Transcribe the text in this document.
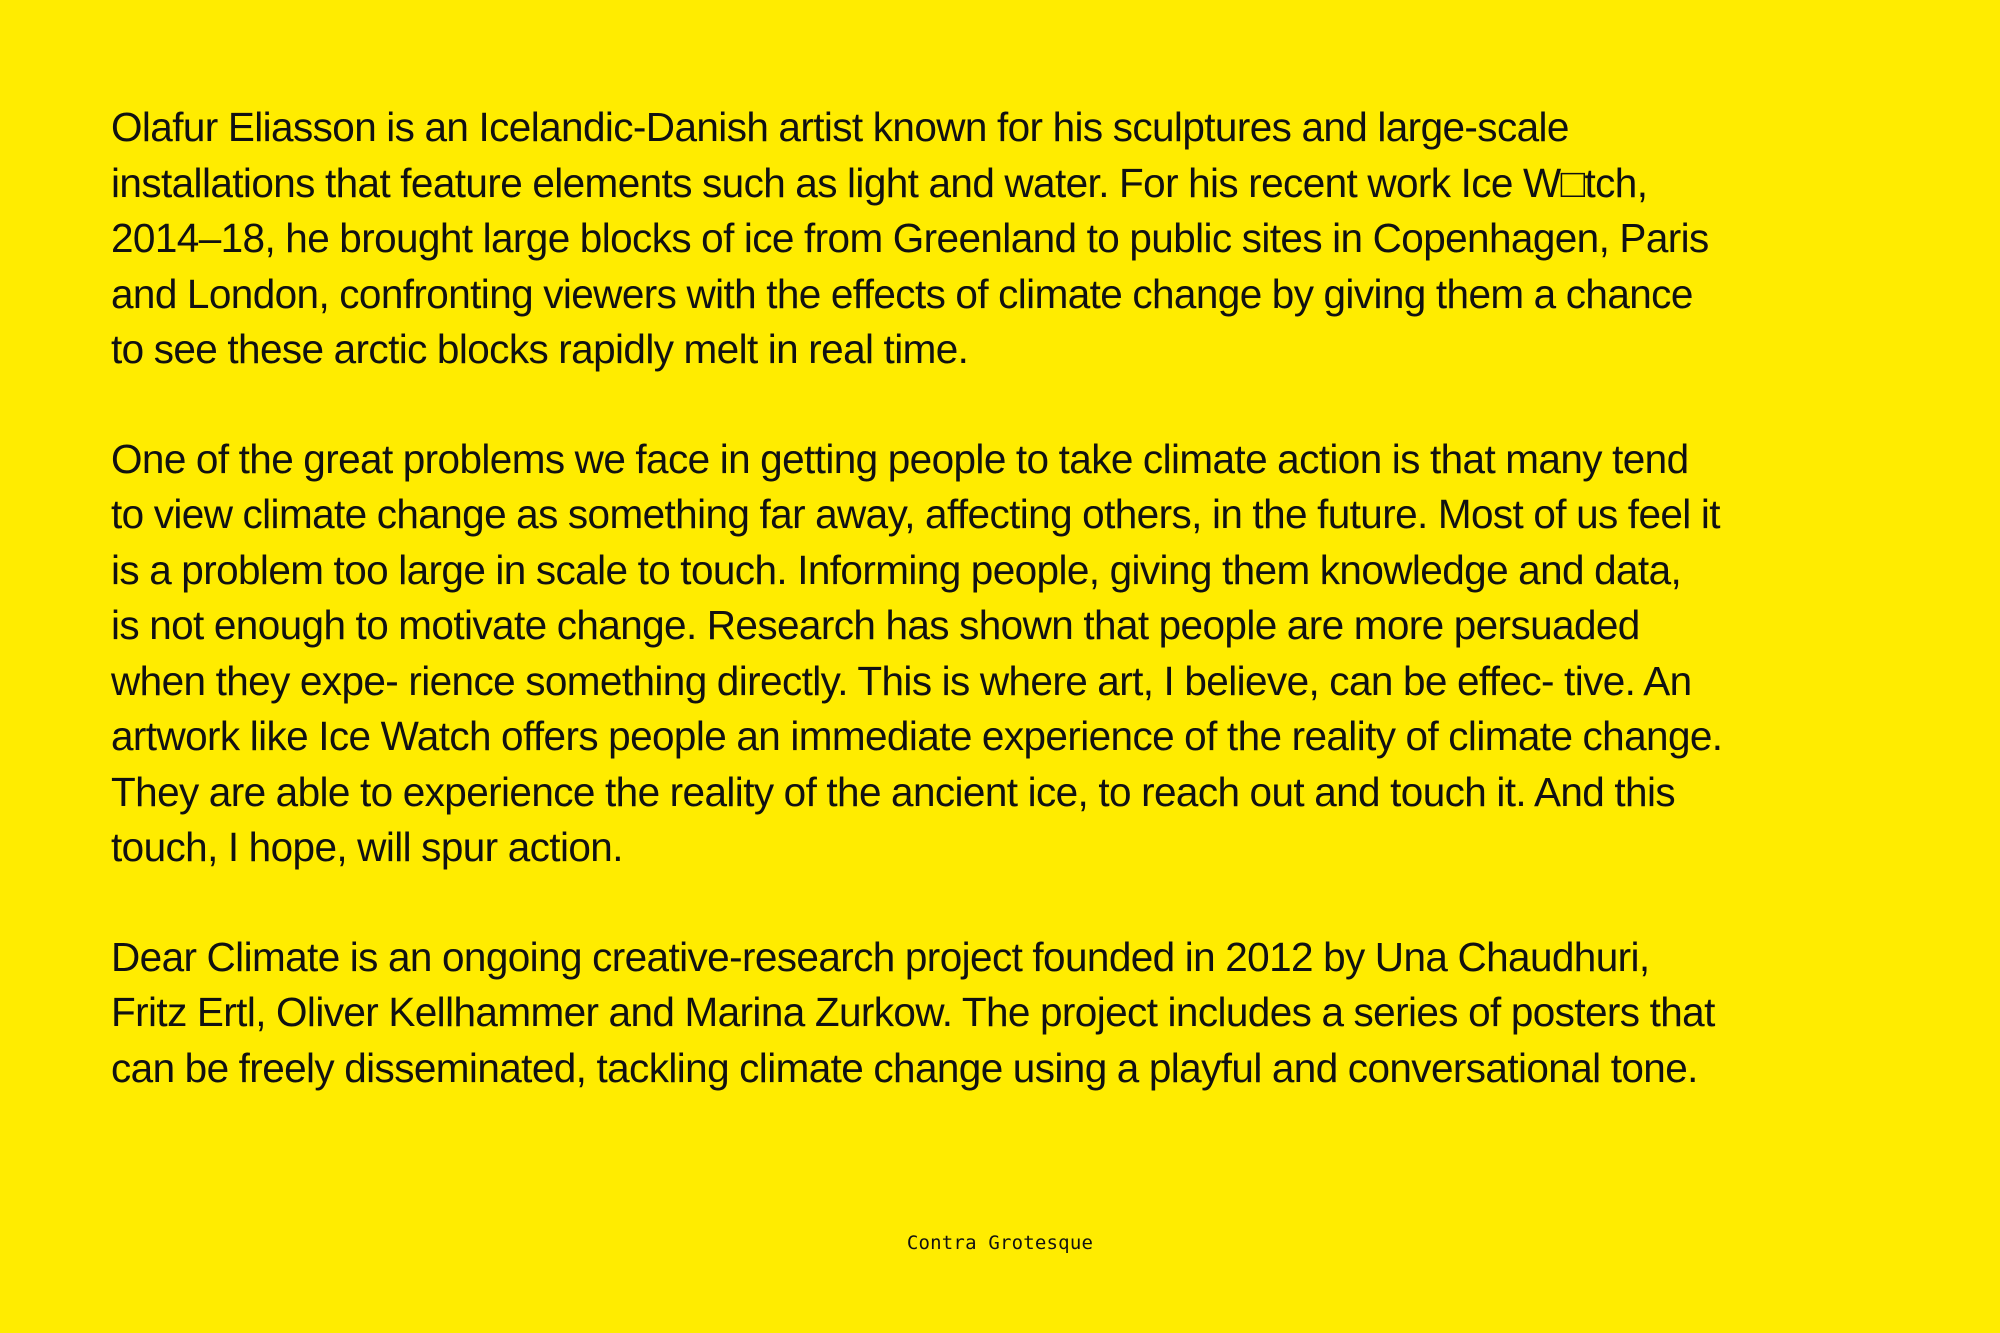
Olafur Eliasson is an Icelandic-Danish artist known for his sculptures and large-scale
installations that feature elements such as light and water. For his recent work Ice W□tch,
2014–18, he brought large blocks of ice from Greenland to public sites in Copenhagen, Paris
and London, confronting viewers with the effects of climate change by giving them a chance
to see these arctic blocks rapidly melt in real time.

One of the great problems we face in getting people to take climate action is that many tend
to view climate change as something far away, affecting others, in the future. Most of us feel it
is a problem too large in scale to touch. Informing people, giving them knowledge and data,
is not enough to motivate change. Research has shown that people are more persuaded
when they expe- rience something directly. This is where art, I believe, can be effec- tive. An
artwork like Ice Watch offers people an immediate experience of the reality of climate change.
They are able to experience the reality of the ancient ice, to reach out and touch it. And this
touch, I hope, will spur action.

Dear Climate is an ongoing creative-research project founded in 2012 by Una Chaudhuri,
Fritz Ertl, Oliver Kellhammer and Marina Zurkow. The project includes a series of posters that
can be freely disseminated, tackling climate change using a playful and conversational tone.

Contra Grotesque
